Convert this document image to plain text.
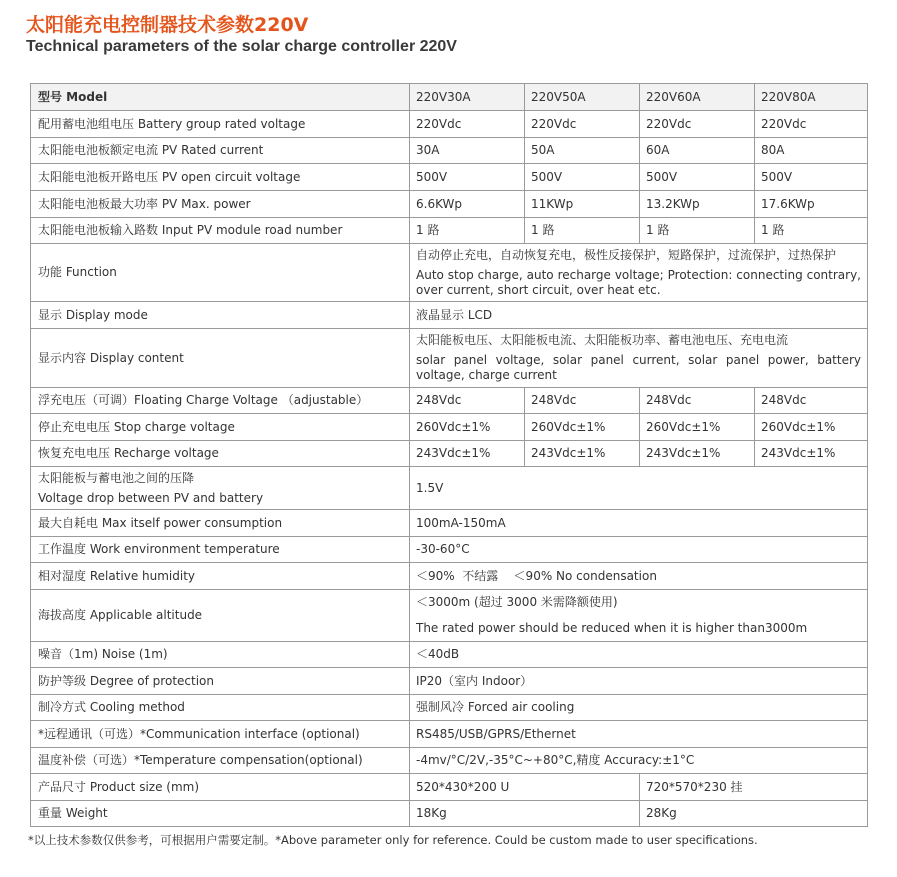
太阳能充电控制器技术参数220V
Technical parameters of the solar charge controller 220V
型号 Model	220V30A	220V50A	220V60A	220V80A
配用蓄电池组电压 Battery group rated voltage	220Vdc	220Vdc	220Vdc	220Vdc
太阳能电池板额定电流 PV Rated current	30A	50A	60A	80A
太阳能电池板开路电压 PV open circuit voltage	500V	500V	500V	500V
太阳能电池板最大功率 PV Max. power	6.6KWp	11KWp	13.2KWp	17.6KWp
太阳能电池板输入路数 Input PV module road number	1 路	1 路	1 路	1 路
功能 Function	自动停止充电，自动恢复充电，极性反接保护，短路保护，过流保护，过热保护
Auto stop charge, auto recharge voltage; Protection: connecting contrary, over current, short circuit, over heat etc.			

显示 Display mode	液晶显示 LCD			
显示内容 Display content	太阳能板电压、太阳能板电流、太阳能板功率、蓄电池电压、充电电流
solar panel voltage, solar panel current, solar panel power, battery voltage, charge current			

浮充电压（可调）Floating Charge Voltage （adjustable）	248Vdc	248Vdc	248Vdc	248Vdc
停止充电电压 Stop charge voltage	260Vdc±1%	260Vdc±1%	260Vdc±1%	260Vdc±1%
恢复充电电压 Recharge voltage	243Vdc±1%	243Vdc±1%	243Vdc±1%	243Vdc±1%

太阳能板与蓄电池之间的压降
Voltage drop between PV and battery	1.5V			
最大自耗电 Max itself power consumption	100mA-150mA			
工作温度 Work environment temperature	-30-60°C			
相对湿度 Relative humidity	＜90%  不结露    ＜90% No condensation			
海拔高度 Applicable altitude	＜3000m (超过 3000 米需降额使用)
The rated power should be reduced when it is higher than3000m			

噪音（1m) Noise (1m)	＜40dB			
防护等级 Degree of protection	IP20（室内 Indoor）			
制冷方式 Cooling method	强制风冷 Forced air cooling			
*远程通讯（可选）*Communication interface (optional)	RS485/USB/GPRS/Ethernet			
温度补偿（可选）*Temperature compensation(optional)	-4mv/°C/2V,-35°C~+80°C,精度 Accuracy:±1°C			
产品尺寸 Product size (mm)	520*430*200 U		720*570*230 挂	
重量 Weight	18Kg		28Kg	
*以上技术参数仅供参考，可根据用户需要定制。*Above parameter only for reference. Could be custom made to user specifications.
